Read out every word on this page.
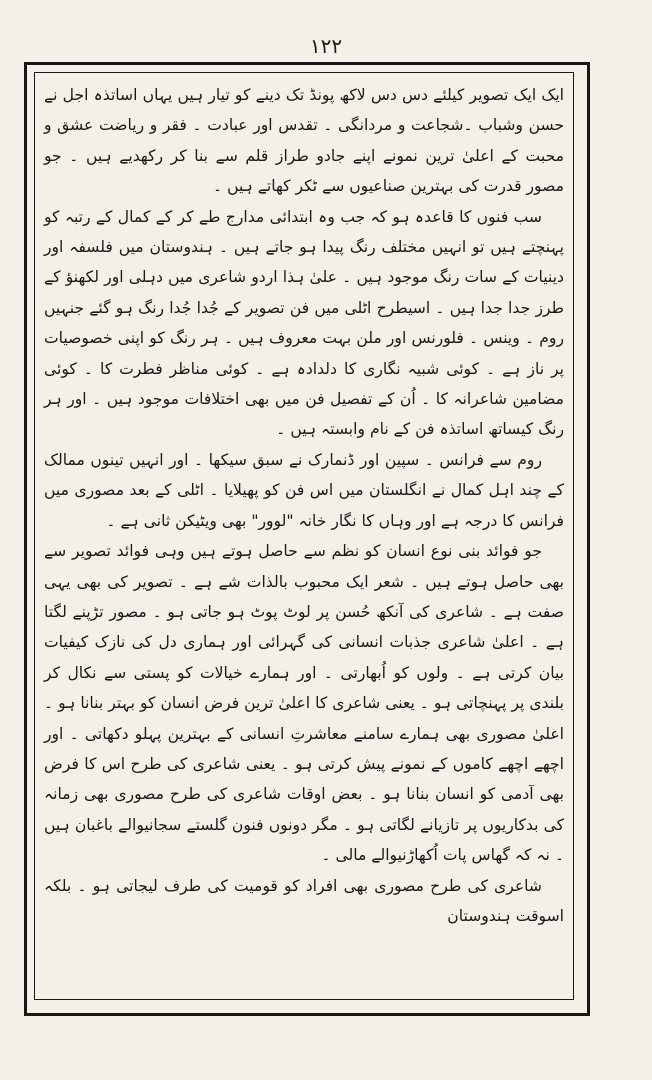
۱۲۲

ایک ایک تصویر کیلئے دس دس لاکھ پونڈ تک دینے کو تیار ہیں یہاں اساتذہ اجل نے حسن وشباب ۔شجاعت و مردانگی ۔ تقدس اور عبادت ۔ فقر و ریاضت عشق و محبت کے اعلیٰ ترین نمونے اپنے جادو طراز قلم سے بنا کر رکھدیے ہیں ۔ جو مصور قدرت کی بہترین صناعیوں سے ٹکر کھاتے ہیں ۔

سب فنوں کا قاعدہ ہو کہ جب وہ ابتدائی مدارج طے کر کے کمال کے رتبہ کو پہنچتے ہیں تو انہیں مختلف رنگ پیدا ہو جاتے ہیں ۔ ہندوستان میں فلسفہ اور دینیات کے سات رنگ موجود ہیں ۔ علیٰ ہذا اردو شاعری میں دہلی اور لکھنؤ کے طرز جدا جدا ہیں ۔ اسیطرح اٹلی میں فن تصویر کے جُدا جُدا رنگ ہو گئے جنہیں روم ۔ وینس ۔ فلورنس اور ملن بہت معروف ہیں ۔ ہر رنگ کو اپنی خصوصیات پر ناز ہے ۔ کوئی شبیہ نگاری کا دلدادہ ہے ۔ کوئی مناظر فطرت کا ۔ کوئی مضامین شاعرانہ کا ۔ اُن کے تفصیل فن میں بھی اختلافات موجود ہیں ۔ اور ہر رنگ کیساتھ اساتذہ فن کے نام وابستہ ہیں ۔

روم سے فرانس ۔ سپین اور ڈنمارک نے سبق سیکھا ۔ اور انہیں تینوں ممالک کے چند اہل کمال نے انگلستان میں اس فن کو پھیلایا ۔ اٹلی کے بعد مصوری میں فرانس کا درجہ ہے اور وہاں کا نگار خانہ "لوور" بھی ویٹیکن ثانی ہے ۔

جو فوائد بنی نوع انسان کو نظم سے حاصل ہوتے ہیں وہی فوائد تصویر سے بھی حاصل ہوتے ہیں ۔ شعر ایک محبوب بالذات شے ہے ۔ تصویر کی بھی یہی صفت ہے ۔ شاعری کی آنکھ حُسن پر لوٹ پوٹ ہو جاتی ہو ۔ مصور تڑپنے لگتا ہے ۔ اعلیٰ شاعری جذبات انسانی کی گہرائی اور ہماری دل کی نازک کیفیات بیان کرتی ہے ۔ ولوں کو اُبھارتی ۔ اور ہمارے خیالات کو پستی سے نکال کر بلندی پر پہنچاتی ہو ۔ یعنی شاعری کا اعلیٰ ترین فرض انسان کو بہتر بنانا ہو ۔ اعلیٰ مصوری بھی ہمارے سامنے معاشرتِ انسانی کے بہترین پہلو دکھاتی ۔ اور اچھے اچھے کاموں کے نمونے پیش کرتی ہو ۔ یعنی شاعری کی طرح اس کا فرض بھی آدمی کو انسان بنانا ہو ۔ بعض اوقات شاعری کی طرح مصوری بھی زمانہ کی بدکاریوں پر تازیانے لگاتی ہو ۔ مگر دونوں فنون گلستے سجانیوالے باغبان ہیں ۔ نہ کہ گھاس پات اُکھاڑنیوالے مالی ۔

شاعری کی طرح مصوری بھی افراد کو قومیت کی طرف لیجاتی ہو ۔ بلکہ اسوقت ہندوستان
